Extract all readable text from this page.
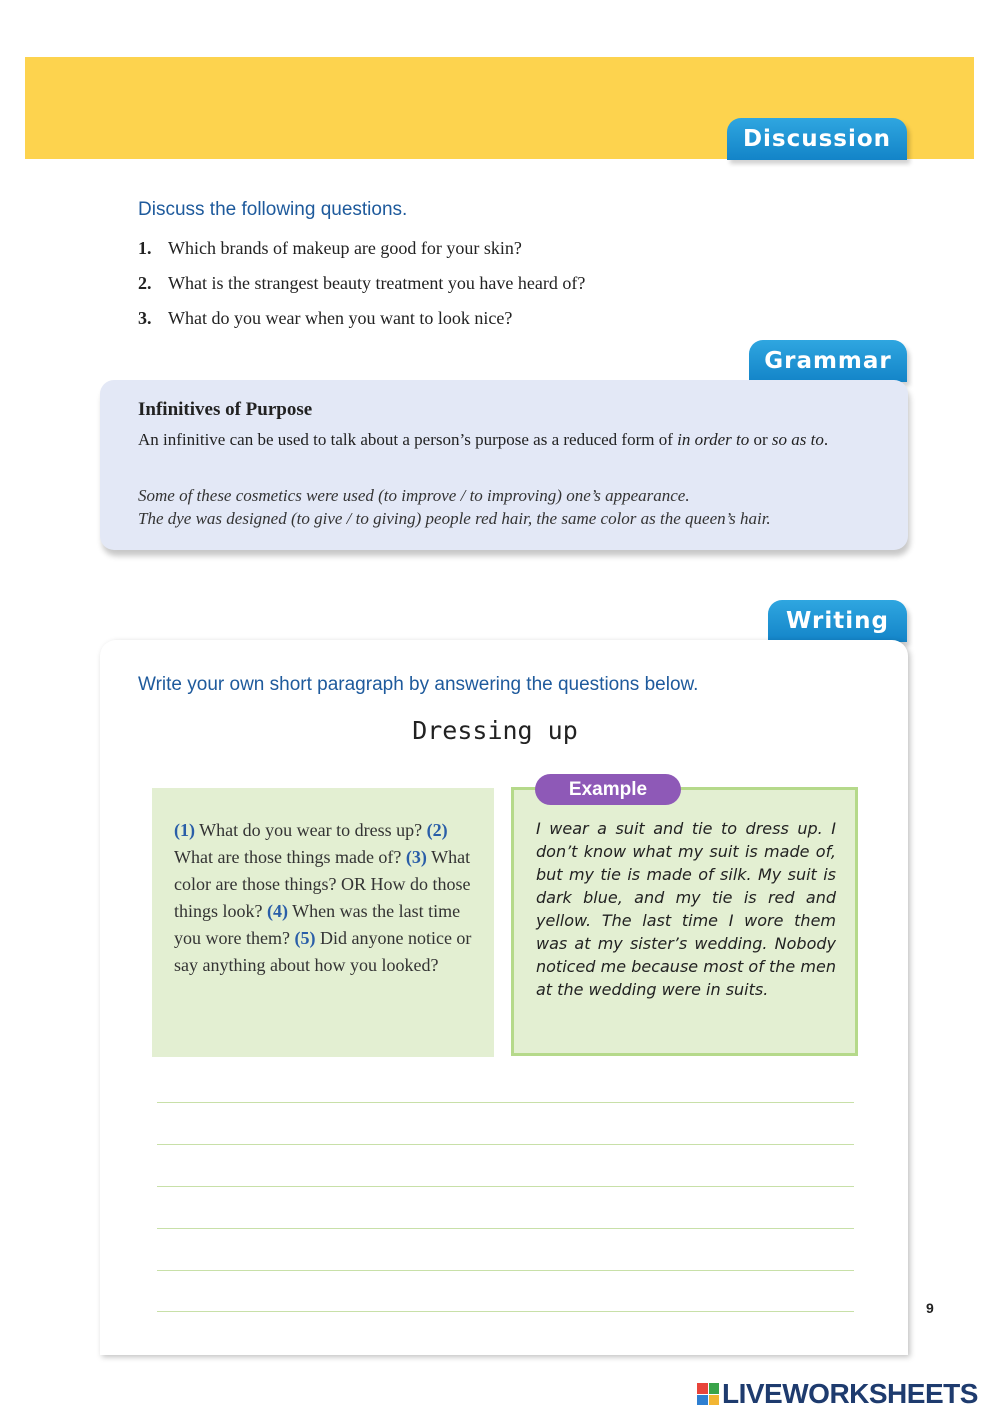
Discussion
Discuss the following questions.
1. Which brands of makeup are good for your skin?
2. What is the strangest beauty treatment you have heard of?
3. What do you wear when you want to look nice?
Grammar
Infinitives of Purpose
An infinitive can be used to talk about a person’s purpose as a reduced form of in order to or so as to.
Some of these cosmetics were used (to improve / to improving) one’s appearance.
The dye was designed (to give / to giving) people red hair, the same color as the queen’s hair.
Writing
Write your own short paragraph by answering the questions below.
Dressing up
(1) What do you wear to dress up? (2) What are those things made of? (3) What color are those things? OR How do those things look? (4) When was the last time you wore them? (5) Did anyone notice or say anything about how you looked?
I wear a suit and tie to dress up. I don’t know what my suit is made of, but my tie is made of silk. My suit is dark blue, and my tie is red and yellow. The last time I wore them was at my sister’s wedding. Nobody noticed me because most of the men at the wedding were in suits.
Example
9
LIVEWORKSHEETS
